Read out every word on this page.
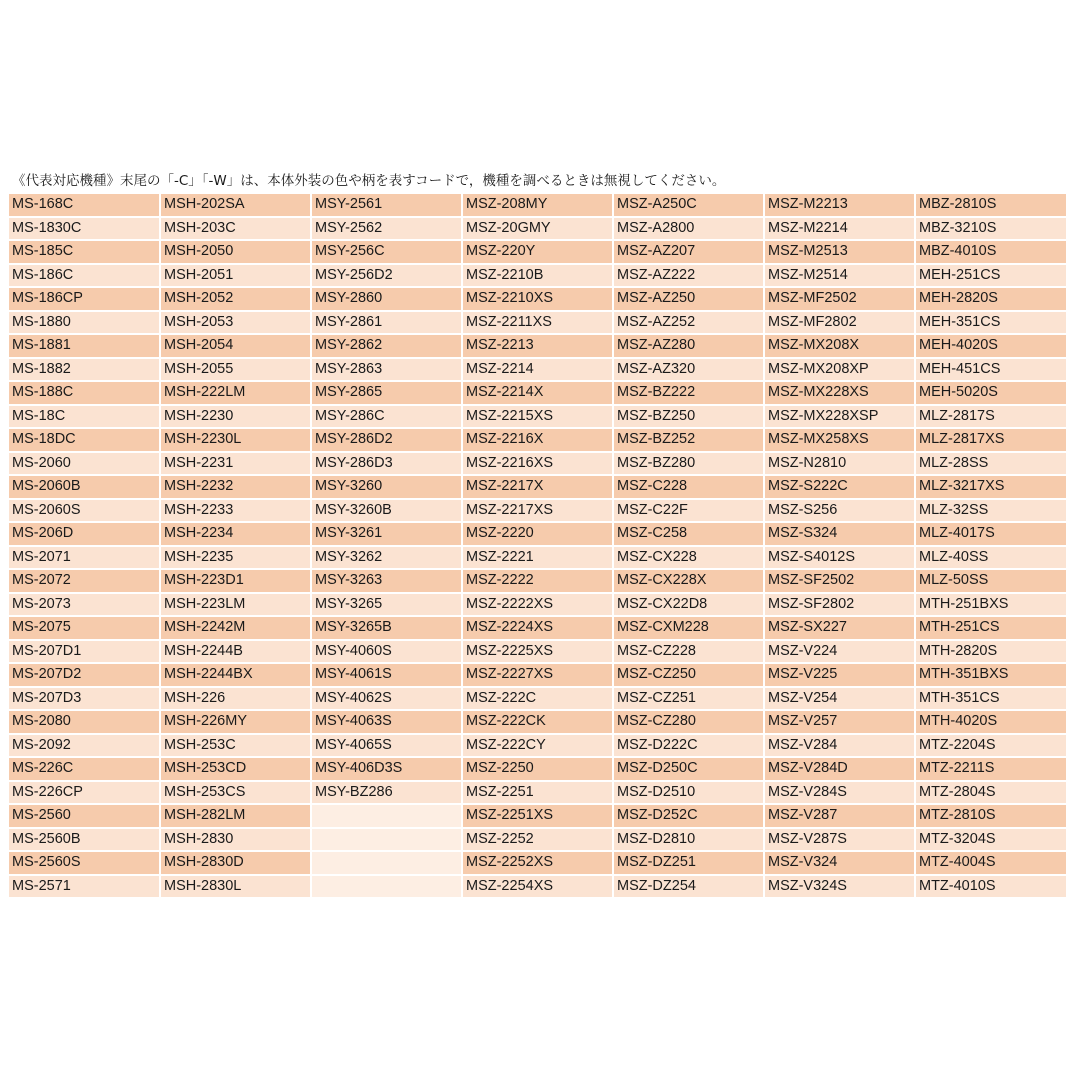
《代表対応機種》末尾の「-C」「-W」は、本体外装の色や柄を表すコードで，機種を調べるときは無視してください。
MS-168C	MSH-202SA	MSY-2561	MSZ-208MY	MSZ-A250C	MSZ-M2213	MBZ-2810S
MS-1830C	MSH-203C	MSY-2562	MSZ-20GMY	MSZ-A2800	MSZ-M2214	MBZ-3210S
MS-185C	MSH-2050	MSY-256C	MSZ-220Y	MSZ-AZ207	MSZ-M2513	MBZ-4010S
MS-186C	MSH-2051	MSY-256D2	MSZ-2210B	MSZ-AZ222	MSZ-M2514	MEH-251CS
MS-186CP	MSH-2052	MSY-2860	MSZ-2210XS	MSZ-AZ250	MSZ-MF2502	MEH-2820S
MS-1880	MSH-2053	MSY-2861	MSZ-2211XS	MSZ-AZ252	MSZ-MF2802	MEH-351CS
MS-1881	MSH-2054	MSY-2862	MSZ-2213	MSZ-AZ280	MSZ-MX208X	MEH-4020S
MS-1882	MSH-2055	MSY-2863	MSZ-2214	MSZ-AZ320	MSZ-MX208XP	MEH-451CS
MS-188C	MSH-222LM	MSY-2865	MSZ-2214X	MSZ-BZ222	MSZ-MX228XS	MEH-5020S
MS-18C	MSH-2230	MSY-286C	MSZ-2215XS	MSZ-BZ250	MSZ-MX228XSP	MLZ-2817S
MS-18DC	MSH-2230L	MSY-286D2	MSZ-2216X	MSZ-BZ252	MSZ-MX258XS	MLZ-2817XS
MS-2060	MSH-2231	MSY-286D3	MSZ-2216XS	MSZ-BZ280	MSZ-N2810	MLZ-28SS
MS-2060B	MSH-2232	MSY-3260	MSZ-2217X	MSZ-C228	MSZ-S222C	MLZ-3217XS
MS-2060S	MSH-2233	MSY-3260B	MSZ-2217XS	MSZ-C22F	MSZ-S256	MLZ-32SS
MS-206D	MSH-2234	MSY-3261	MSZ-2220	MSZ-C258	MSZ-S324	MLZ-4017S
MS-2071	MSH-2235	MSY-3262	MSZ-2221	MSZ-CX228	MSZ-S4012S	MLZ-40SS
MS-2072	MSH-223D1	MSY-3263	MSZ-2222	MSZ-CX228X	MSZ-SF2502	MLZ-50SS
MS-2073	MSH-223LM	MSY-3265	MSZ-2222XS	MSZ-CX22D8	MSZ-SF2802	MTH-251BXS
MS-2075	MSH-2242M	MSY-3265B	MSZ-2224XS	MSZ-CXM228	MSZ-SX227	MTH-251CS
MS-207D1	MSH-2244B	MSY-4060S	MSZ-2225XS	MSZ-CZ228	MSZ-V224	MTH-2820S
MS-207D2	MSH-2244BX	MSY-4061S	MSZ-2227XS	MSZ-CZ250	MSZ-V225	MTH-351BXS
MS-207D3	MSH-226	MSY-4062S	MSZ-222C	MSZ-CZ251	MSZ-V254	MTH-351CS
MS-2080	MSH-226MY	MSY-4063S	MSZ-222CK	MSZ-CZ280	MSZ-V257	MTH-4020S
MS-2092	MSH-253C	MSY-4065S	MSZ-222CY	MSZ-D222C	MSZ-V284	MTZ-2204S
MS-226C	MSH-253CD	MSY-406D3S	MSZ-2250	MSZ-D250C	MSZ-V284D	MTZ-2211S
MS-226CP	MSH-253CS	MSY-BZ286	MSZ-2251	MSZ-D2510	MSZ-V284S	MTZ-2804S
MS-2560	MSH-282LM		MSZ-2251XS	MSZ-D252C	MSZ-V287	MTZ-2810S
MS-2560B	MSH-2830		MSZ-2252	MSZ-D2810	MSZ-V287S	MTZ-3204S
MS-2560S	MSH-2830D		MSZ-2252XS	MSZ-DZ251	MSZ-V324	MTZ-4004S
MS-2571	MSH-2830L		MSZ-2254XS	MSZ-DZ254	MSZ-V324S	MTZ-4010S
